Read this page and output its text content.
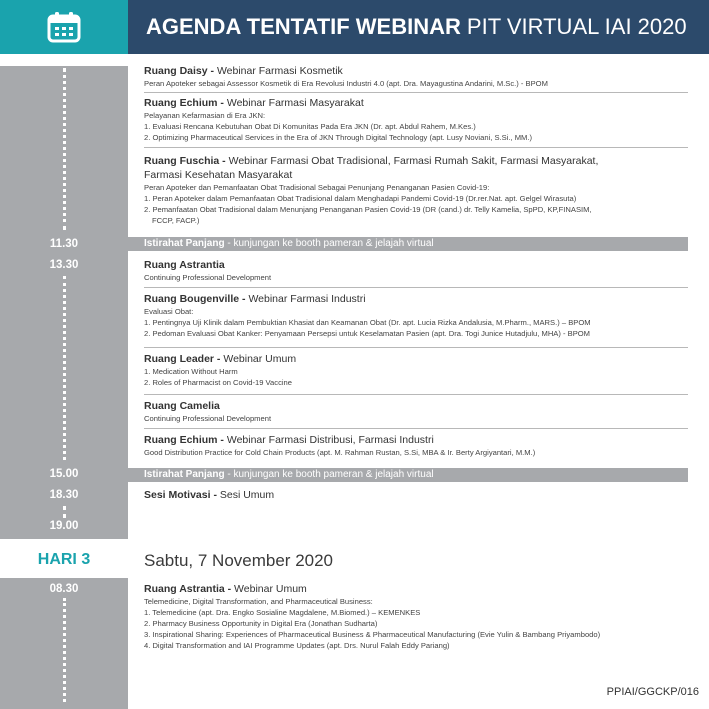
AGENDA TENTATIF WEBINAR PIT VIRTUAL IAI 2020
11.30
13.30
15.00
18.30
19.00
08.30
Ruang Daisy - Webinar Farmasi Kosmetik
Peran Apoteker sebagai Assessor Kosmetik di Era Revolusi Industri 4.0 (apt. Dra. Mayagustina Andarini, M.Sc.) - BPOM
Ruang Echium - Webinar Farmasi Masyarakat
Pelayanan Kefarmasian di Era JKN:
1. Evaluasi Rencana Kebutuhan Obat Di Komunitas Pada Era JKN (Dr. apt. Abdul Rahem, M.Kes.)
2. Optimizing Pharmaceutical Services in the Era of JKN Through Digital Technology (apt. Lusy Noviani, S.Si., MM.)
Ruang Fuschia - Webinar Farmasi Obat Tradisional, Farmasi Rumah Sakit, Farmasi Masyarakat,
Farmasi Kesehatan Masyarakat
Peran Apoteker dan Pemanfaatan Obat Tradisional Sebagai Penunjang Penanganan Pasien Covid-19:
1. Peran Apoteker dalam Pemanfaatan Obat Tradisional dalam Menghadapi Pandemi Covid-19 (Dr.rer.Nat. apt. Gelgel Wirasuta)
2. Pemanfaatan Obat Tradisional dalam Menunjang Penanganan Pasien Covid-19 (DR (cand.) dr. Telly Kamelia, SpPD, KP,FINASIM,
FCCP, FACP.)
Istirahat Panjang - kunjungan ke booth pameran & jelajah virtual
Ruang Astrantia
Continuing Professional Development
Ruang Bougenville - Webinar Farmasi Industri
Evaluasi Obat:
1. Pentingnya Uji Klinik dalam Pembuktian Khasiat dan Keamanan Obat (Dr. apt. Lucia Rizka Andalusia, M.Pharm., MARS.) – BPOM
2. Pedoman Evaluasi Obat Kanker: Penyamaan Persepsi untuk Keselamatan Pasien (apt. Dra. Togi Junice Hutadjulu, MHA) - BPOM
Ruang Leader - Webinar Umum
1. Medication Without Harm
2. Roles of Pharmacist on Covid-19 Vaccine
Ruang Camelia
Continuing Professional Development
Ruang Echium - Webinar Farmasi Distribusi, Farmasi Industri
Good Distribution Practice for Cold Chain Products (apt. M. Rahman Rustan, S.Si, MBA & Ir. Berty Argiyantari, M.M.)
Istirahat Panjang - kunjungan ke booth pameran & jelajah virtual
Sesi Motivasi - Sesi Umum
HARI 3	Sabtu, 7 November 2020
Ruang Astrantia - Webinar Umum
Telemedicine, Digital Transformation, and Pharmaceutical Business:
1. Telemedicine (apt. Dra. Engko Sosialine Magdalene, M.Biomed.) – KEMENKES
2. Pharmacy Business Opportunity in Digital Era (Jonathan Sudharta)
3. Inspirational Sharing: Experiences of Pharmaceutical Business & Pharmaceutical Manufacturing (Evie Yulin & Bambang Priyambodo)
4. Digital Transformation and IAI Programme Updates (apt. Drs. Nurul Falah Eddy Pariang)
PPIAI/GGCKP/016
